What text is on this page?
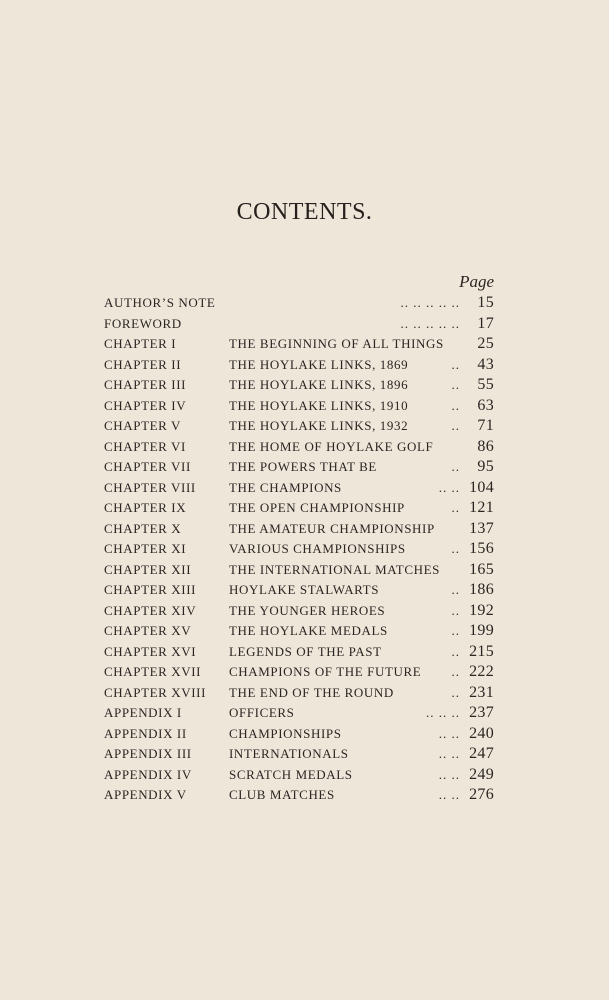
CONTENTS.
Page
AUTHOR’S NOTE	.. .. .. .. .. 15
FOREWORD	.. .. .. .. .. 17
CHAPTER I	THE BEGINNING OF ALL THINGS 25
CHAPTER II	THE HOYLAKE LINKS, 1869	.. 43
CHAPTER III	THE HOYLAKE LINKS, 1896	.. 55
CHAPTER IV	THE HOYLAKE LINKS, 1910	.. 63
CHAPTER V	THE HOYLAKE LINKS, 1932	.. 71
CHAPTER VI	THE HOME OF HOYLAKE GOLF	86
CHAPTER VII	THE POWERS THAT BE	.. 95
CHAPTER VIII	THE CHAMPIONS	.. .. 104
CHAPTER IX	THE OPEN CHAMPIONSHIP	.. 121
CHAPTER X	THE AMATEUR CHAMPIONSHIP 137
CHAPTER XI	VARIOUS CHAMPIONSHIPS	.. 156
CHAPTER XII	THE INTERNATIONAL MATCHES 165
CHAPTER XIII	HOYLAKE STALWARTS	.. 186
CHAPTER XIV	THE YOUNGER HEROES	.. 192
CHAPTER XV	THE HOYLAKE MEDALS	.. 199
CHAPTER XVI	LEGENDS OF THE PAST	.. 215
CHAPTER XVII CHAMPIONS OF THE FUTURE .. 222
CHAPTER XVIII THE END OF THE ROUND	.. 231
APPENDIX I	OFFICERS	.. .. .. 237
APPENDIX II	CHAMPIONSHIPS	.. .. 240
APPENDIX III	INTERNATIONALS	.. .. 247
APPENDIX IV	SCRATCH MEDALS	.. .. 249
APPENDIX V	CLUB MATCHES	.. .. 276
